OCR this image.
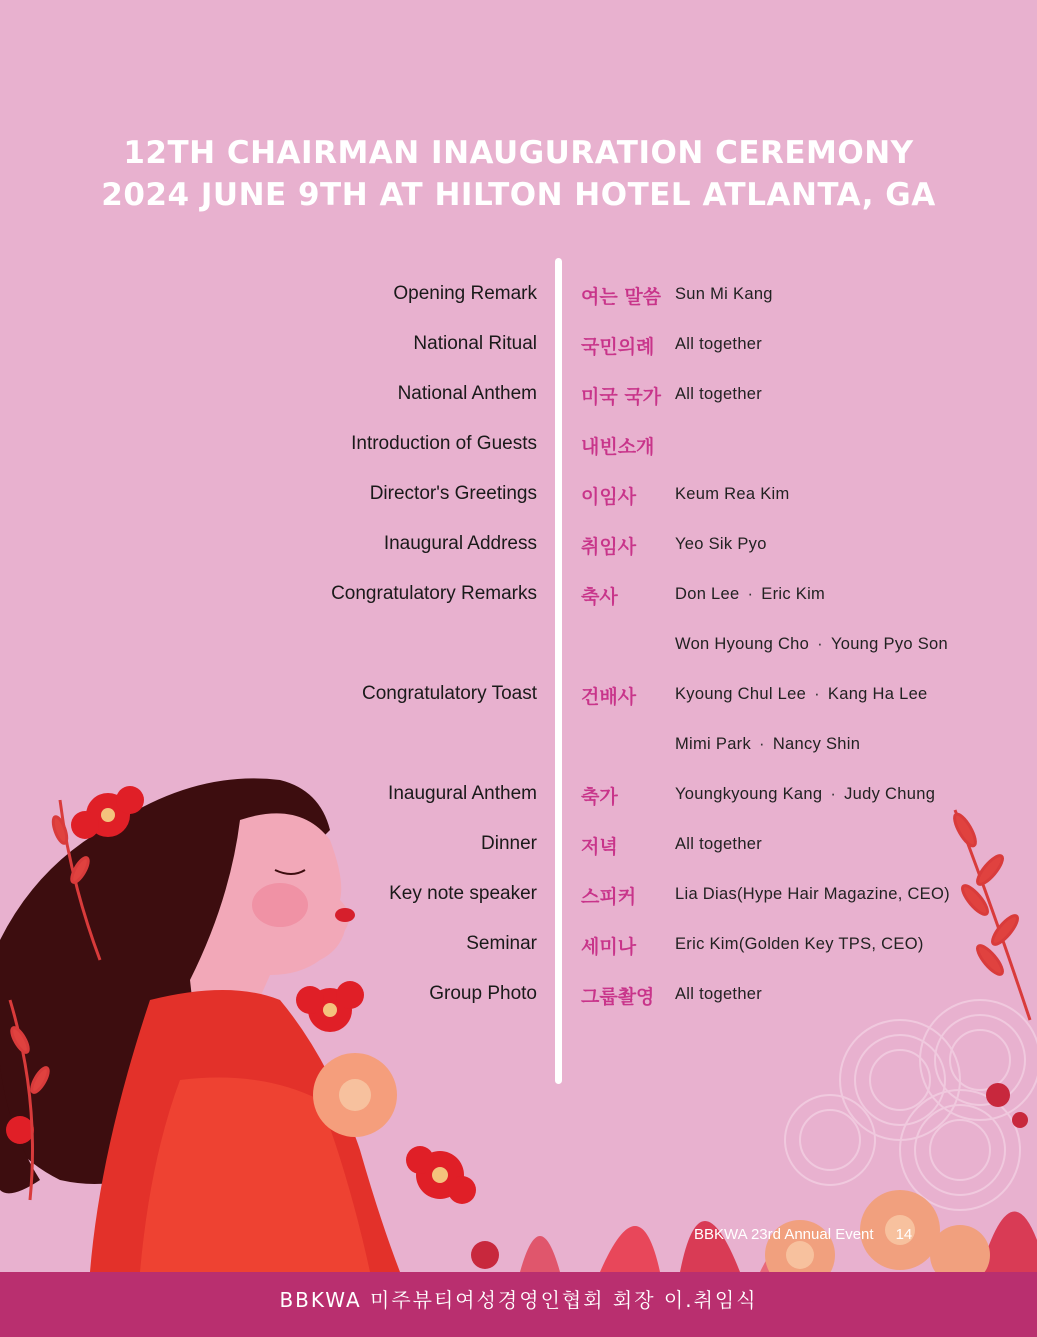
12TH CHAIRMAN INAUGURATION CEREMONY
2024 JUNE 9TH AT HILTON HOTEL ATLANTA, GA
Opening Remark 여는 말씀 Sun Mi Kang
National Ritual 국민의례 All together
National Anthem 미국 국가 All together
Introduction of Guests 내빈소개
Director's Greetings 이임사 Keum Rea Kim
Inaugural Address 취임사 Yeo Sik Pyo
Congratulatory Remarks 축사	Don Lee · Eric Kim
Won Hyoung Cho · Young Pyo Son
Congratulatory Toast 건배사 Kyoung Chul Lee · Kang Ha Lee
Mimi Park · Nancy Shin
Inaugural Anthem 축가	Youngkyoung Kang · Judy Chung
Dinner 저녁	All together
Key note speaker 스피커 Lia Dias(Hype Hair Magazine, CEO)
Seminar 세미나 Eric Kim(Golden Key TPS, CEO)
Group Photo 그룹촬영 All together
BBKWA 23rd Annual Event 14
BBKWA 미주뷰티여성경영인협회 회장 이.취임식
